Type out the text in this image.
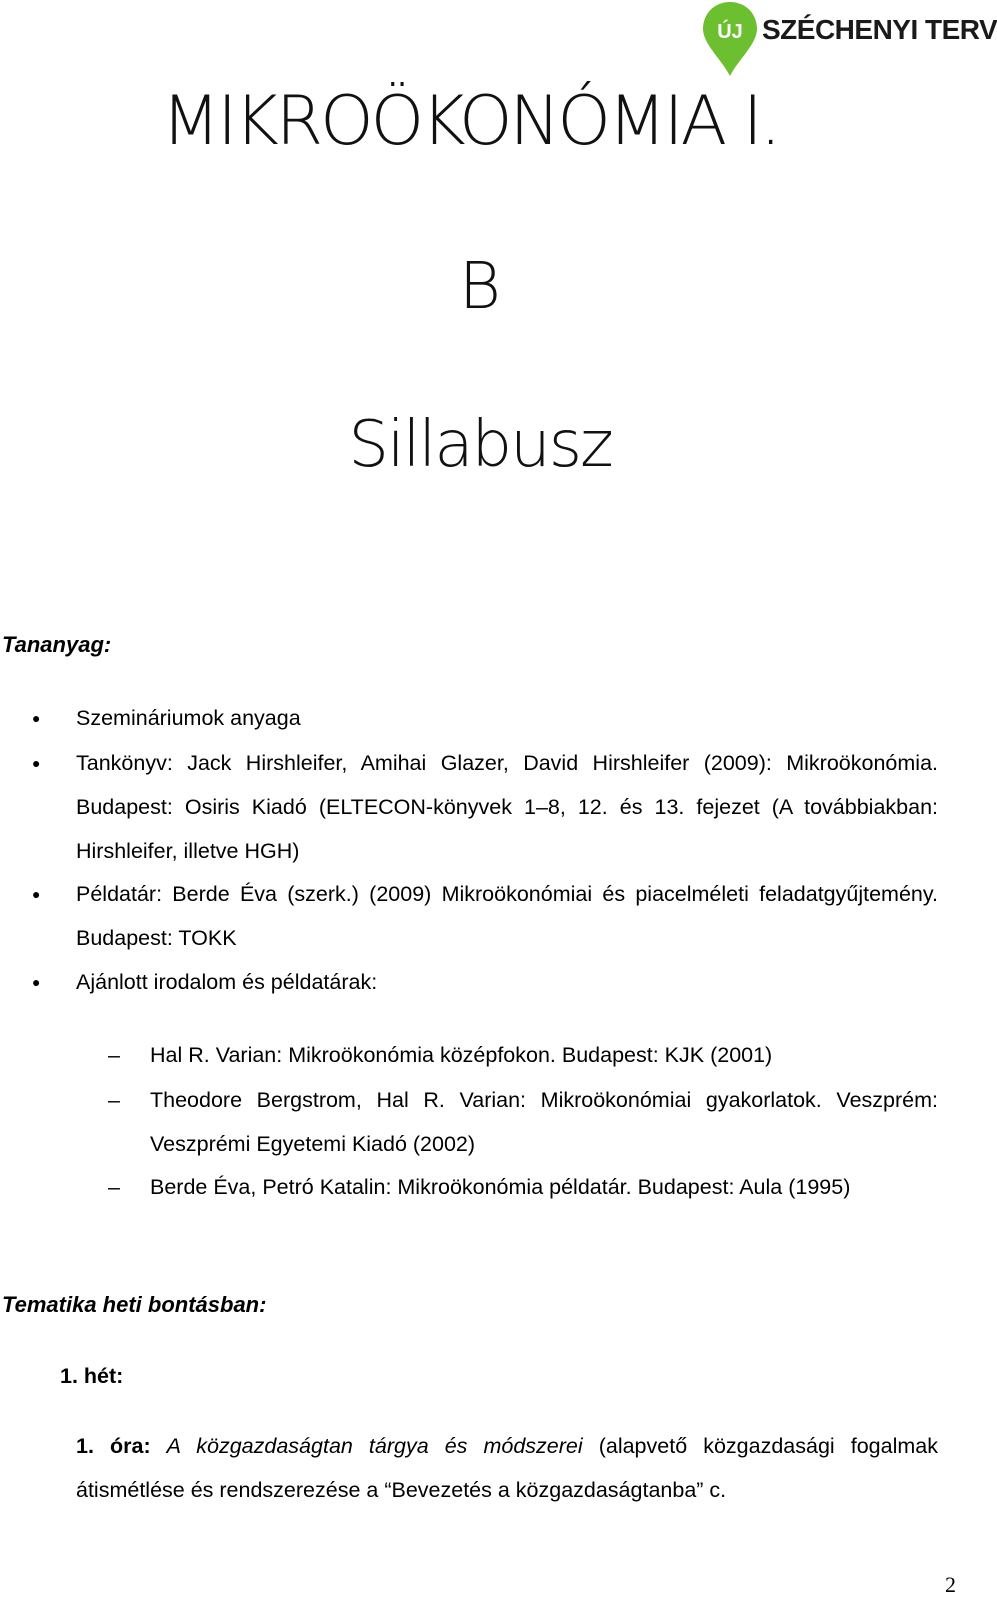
ÚJ SZÉCHENYI TERV
MIKROÖKONÓMIA I.
B
Sillabusz
Tananyag:
● Szemináriumok anyaga
● Tankönyv: Jack Hirshleifer, Amihai Glazer, David Hirshleifer (2009): Mikroökonómia. Budapest: Osiris Kiadó (ELTECON-könyvek 1–8, 12. és 13. fejezet (A továbbiakban: Hirshleifer, illetve HGH)
● Példatár: Berde Éva (szerk.) (2009) Mikroökonómiai és piacelméleti feladatgyűjtemény. Budapest: TOKK
● Ajánlott irodalom és példatárak:
– Hal R. Varian: Mikroökonómia középfokon. Budapest: KJK (2001)
– Theodore Bergstrom, Hal R. Varian: Mikroökonómiai gyakorlatok. Veszprém: Veszprémi Egyetemi Kiadó (2002)
– Berde Éva, Petró Katalin: Mikroökonómia példatár. Budapest: Aula (1995)
Tematika heti bontásban:
1. hét:
1. óra: A közgazdaságtan tárgya és módszerei (alapvető közgazdasági fogalmak átismétlése és rendszerezése a “Bevezetés a közgazdaságtanba” c.
2
